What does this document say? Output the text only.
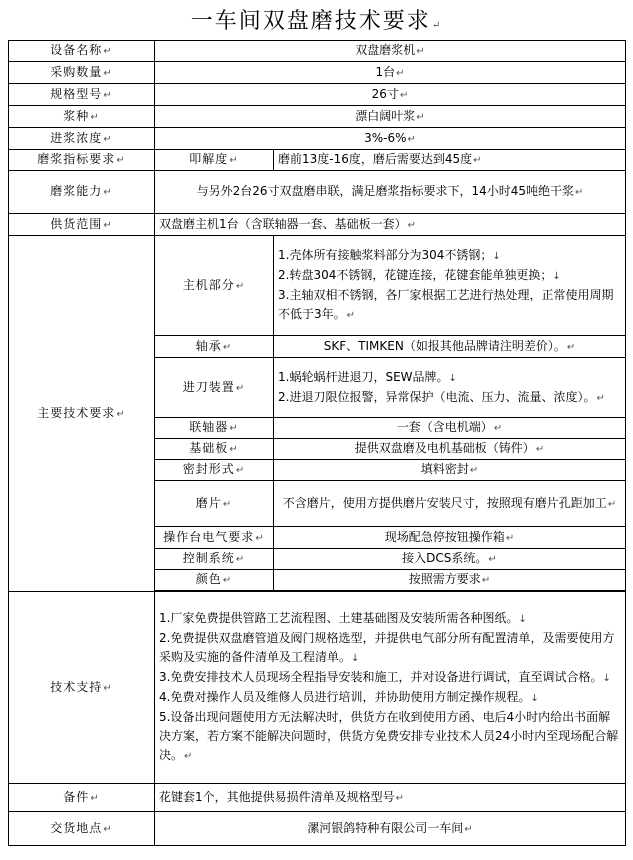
一车间双盘磨技术要求↵
设备名称↵	双盘磨浆机↵	
采购数量↵	1台↵	
规格型号↵	26寸↵	
浆种↵	漂白阔叶浆↵	
进浆浓度↵	3%-6%↵	
磨浆指标要求↵	叩解度↵	磨前13度-16度，磨后需要达到45度↵
磨浆能力↵	与另外2台26寸双盘磨串联，满足磨浆指标要求下，14小时45吨绝干浆↵	
供货范围↵	双盘磨主机1台（含联轴器一套、基础板一套）↵	
主要技术要求↵	主机部分↵	1.壳体所有接触浆料部分为304不锈钢；↓
2.转盘304不锈钢，花键连接，花键套能单独更换；↓
3.主轴双相不锈钢，各厂家根据工艺进行热处理，正常使用周期不低于3年。↵

	轴承↵	SKF、TIMKEN（如报其他品牌请注明差价）。↵
	进刀装置↵	1.蜗轮蜗杆进退刀，SEW品牌。↓
2.进退刀限位报警，异常保护（电流、压力、流量、浓度）。↵

	联轴器↵	一套（含电机端）↵
	基础板↵	提供双盘磨及电机基础板（铸件）↵
	密封形式↵	填料密封↵
	磨片↵	不含磨片，使用方提供磨片安装尺寸，按照现有磨片孔距加工↵
	操作台电气要求↵	现场配急停按钮操作箱↵
	控制系统↵	接入DCS系统。↵
	颜色↵	按照需方要求↵

技术支持↵	1.厂家免费提供管路工艺流程图、土建基础图及安装所需各种图纸。↓
2.免费提供双盘磨管道及阀门规格选型，并提供电气部分所有配置清单，及需要使用方采购及实施的备件清单及工程清单。↓
3.免费安排技术人员现场全程指导安装和施工，并对设备进行调试，直至调试合格。↓
4.免费对操作人员及维修人员进行培训，并协助使用方制定操作规程。↓
5.设备出现问题使用方无法解决时，供货方在收到使用方函、电后4小时内给出书面解决方案，若方案不能解决问题时，供货方免费安排专业技术人员24小时内至现场配合解决。↵	

备件↵	花键套1个，其他提供易损件清单及规格型号↵	
交货地点↵	漯河银鸽特种有限公司一车间↵	
